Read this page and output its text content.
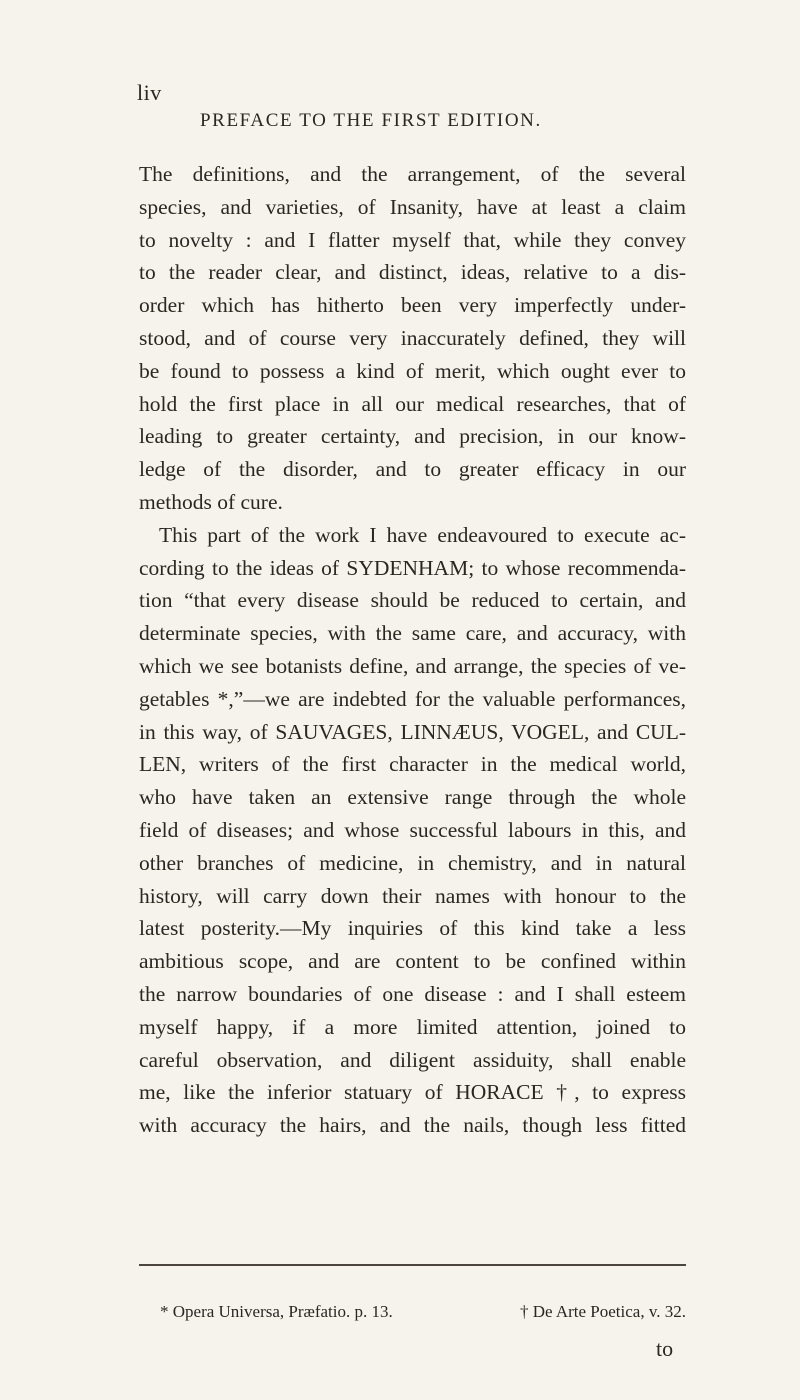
liv
PREFACE TO THE FIRST EDITION.
The definitions, and the arrangement, of the several
species, and varieties, of Insanity, have at least a claim
to novelty : and I flatter myself that, while they convey
to the reader clear, and distinct, ideas, relative to a dis-
order which has hitherto been very imperfectly under-
stood, and of course very inaccurately defined, they will
be found to possess a kind of merit, which ought ever to
hold the first place in all our medical researches, that of
leading to greater certainty, and precision, in our know-
ledge of the disorder, and to greater efficacy in our
methods of cure.
This part of the work I have endeavoured to execute ac-
cording to the ideas of SYDENHAM; to whose recommenda-
tion “that every disease should be reduced to certain, and
determinate species, with the same care, and accuracy, with
which we see botanists define, and arrange, the species of ve-
getables *,”—we are indebted for the valuable performances,
in this way, of SAUVAGES, LINNÆUS, VOGEL, and CUL-
LEN, writers of the first character in the medical world,
who have taken an extensive range through the whole
field of diseases; and whose successful labours in this, and
other branches of medicine, in chemistry, and in natural
history, will carry down their names with honour to the
latest posterity.—My inquiries of this kind take a less
ambitious scope, and are content to be confined within
the narrow boundaries of one disease : and I shall esteem
myself happy, if a more limited attention, joined to
careful observation, and diligent assiduity, shall enable
me, like the inferior statuary of HORACE †, to express
with accuracy the hairs, and the nails, though less fitted
* Opera Universa, Præfatio. p. 13.	† De Arte Poetica, v. 32.
to
